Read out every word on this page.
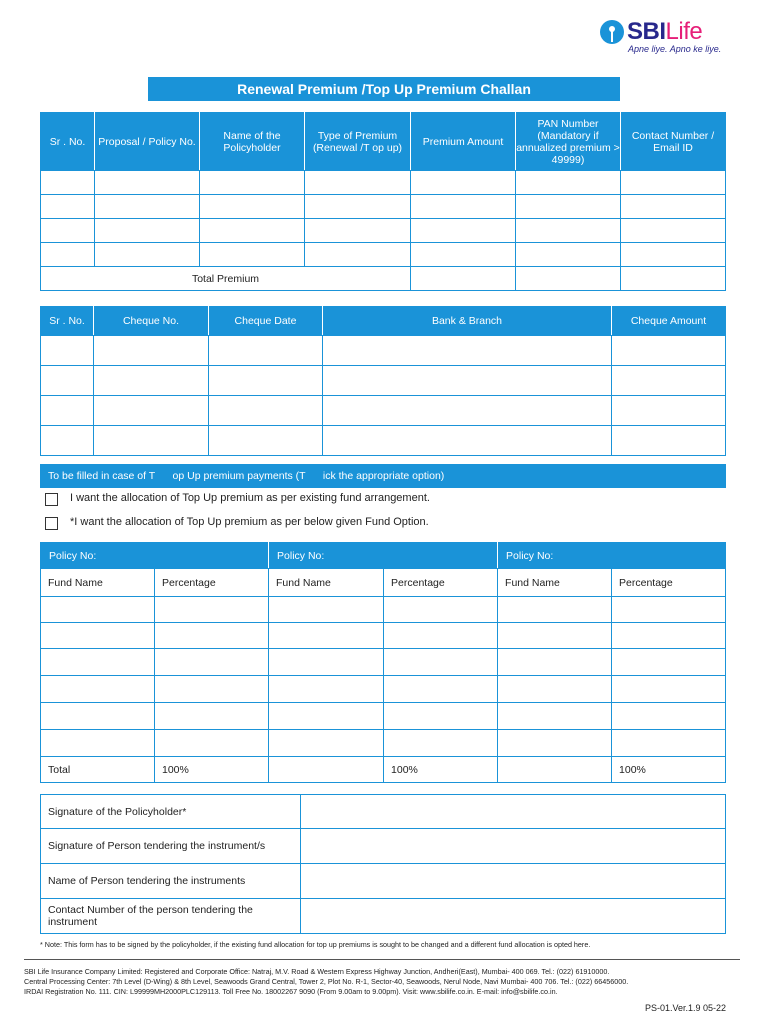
SBILife
Apne liye. Apno ke liye.
Renewal Premium /Top Up Premium Challan
Sr . No.	Proposal / Policy No.	Name of the Policyholder	Type of Premium (Renewal /T op up)	Premium Amount	PAN Number (Mandatory if annualized premium > 49999)	Contact Number / Email ID

Total Premium						
Sr . No.	Cheque No.	Cheque Date	Bank & Branch	Cheque Amount

To be filled in case of T      op Up premium payments (T      ick the appropriate option)
I want the allocation of Top Up premium as per existing fund arrangement.
*I want the allocation of Top Up premium as per below given Fund Option.
Policy No:		Policy No:		Policy No:	
Fund Name	Percentage	Fund Name	Percentage	Fund Name	Percentage

Total	100%		100%		100%
Signature of the Policyholder*	
Signature of Person tendering the instrument/s	
Name of Person tendering the instruments	
Contact Number of the person tendering the instrument	
* Note: This form has to be signed by the policyholder, if the existing fund allocation for top up premiums is sought to be changed and a different fund allocation is opted here.
SBI Life Insurance Company Limited: Registered and Corporate Office: Natraj, M.V. Road & Western Express Highway Junction, Andheri(East), Mumbai- 400 069. Tel.: (022) 61910000.
Central Processing Center: 7th Level (D-Wing) & 8th Level, Seawoods Grand Central, Tower 2, Plot No. R-1, Sector-40, Seawoods, Nerul Node, Navi Mumbai- 400 706. Tel.: (022) 66456000.
IRDAI Registration No. 111. CIN: L99999MH2000PLC129113. Toll Free No. 18002267 9090 (From 9.00am to 9.00pm). Visit: www.sbilife.co.in. E-mail: info@sbilife.co.in.
PS-01.Ver.1.9 05-22
